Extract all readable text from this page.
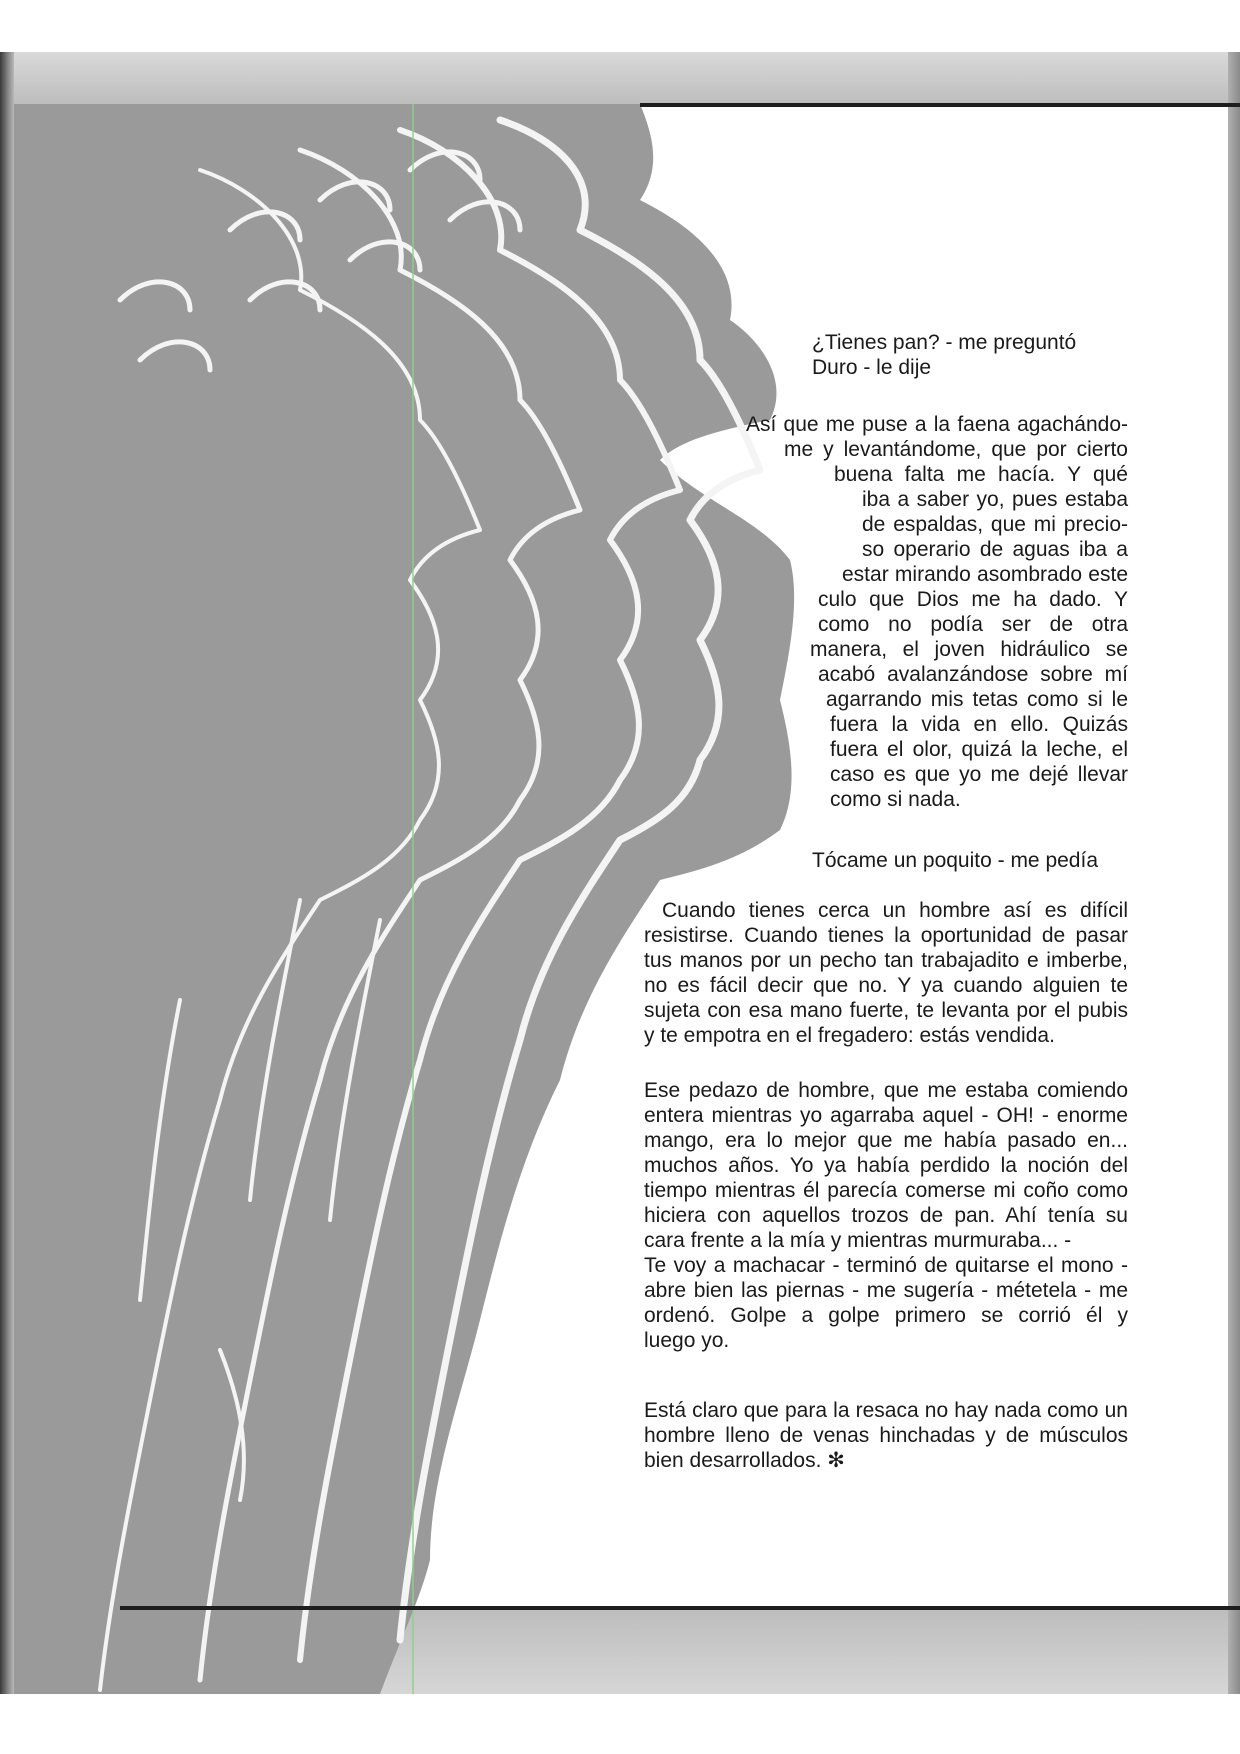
¿Tienes pan? - me preguntó
Duro - le dije

Así que me puse a la faena agachándo-

me y levantándome, que por cierto

buena falta me hacía. Y qué

iba a saber yo, pues estaba

de espaldas, que mi precio-

so operario de aguas iba a

estar mirando asombrado este

culo que Dios me ha dado. Y

como no podía ser de otra

manera, el joven hidráulico se

acabó avalanzándose sobre mí

agarrando mis tetas como si le

fuera la vida en ello. Quizás

fuera el olor, quizá la leche, el

caso es que yo me dejé llevar

como si nada.

Tócame un poquito - me pedía

Cuando tienes cerca un hombre así es difícil
resistirse. Cuando tienes la oportunidad de pasar
tus manos por un pecho tan trabajadito e imberbe,
no es fácil decir que no. Y ya cuando alguien te
sujeta con esa mano fuerte, te levanta por el pubis
y te empotra en el fregadero: estás vendida.
Ese pedazo de hombre, que me estaba comiendo
entera mientras yo agarraba aquel - OH! - enorme
mango, era lo mejor que me había pasado en...
muchos años. Yo ya había perdido la noción del
tiempo mientras él parecía comerse mi coño como
hiciera con aquellos trozos de pan. Ahí tenía su
cara frente a la mía y mientras murmuraba... -
Te voy a machacar - terminó de quitarse el mono -
abre bien las piernas - me sugería - métetela - me
ordenó. Golpe a golpe primero se corrió él y
luego yo.
Está claro que para la resaca no hay nada como un
hombre lleno de venas hinchadas y de músculos
bien desarrollados. ✻
